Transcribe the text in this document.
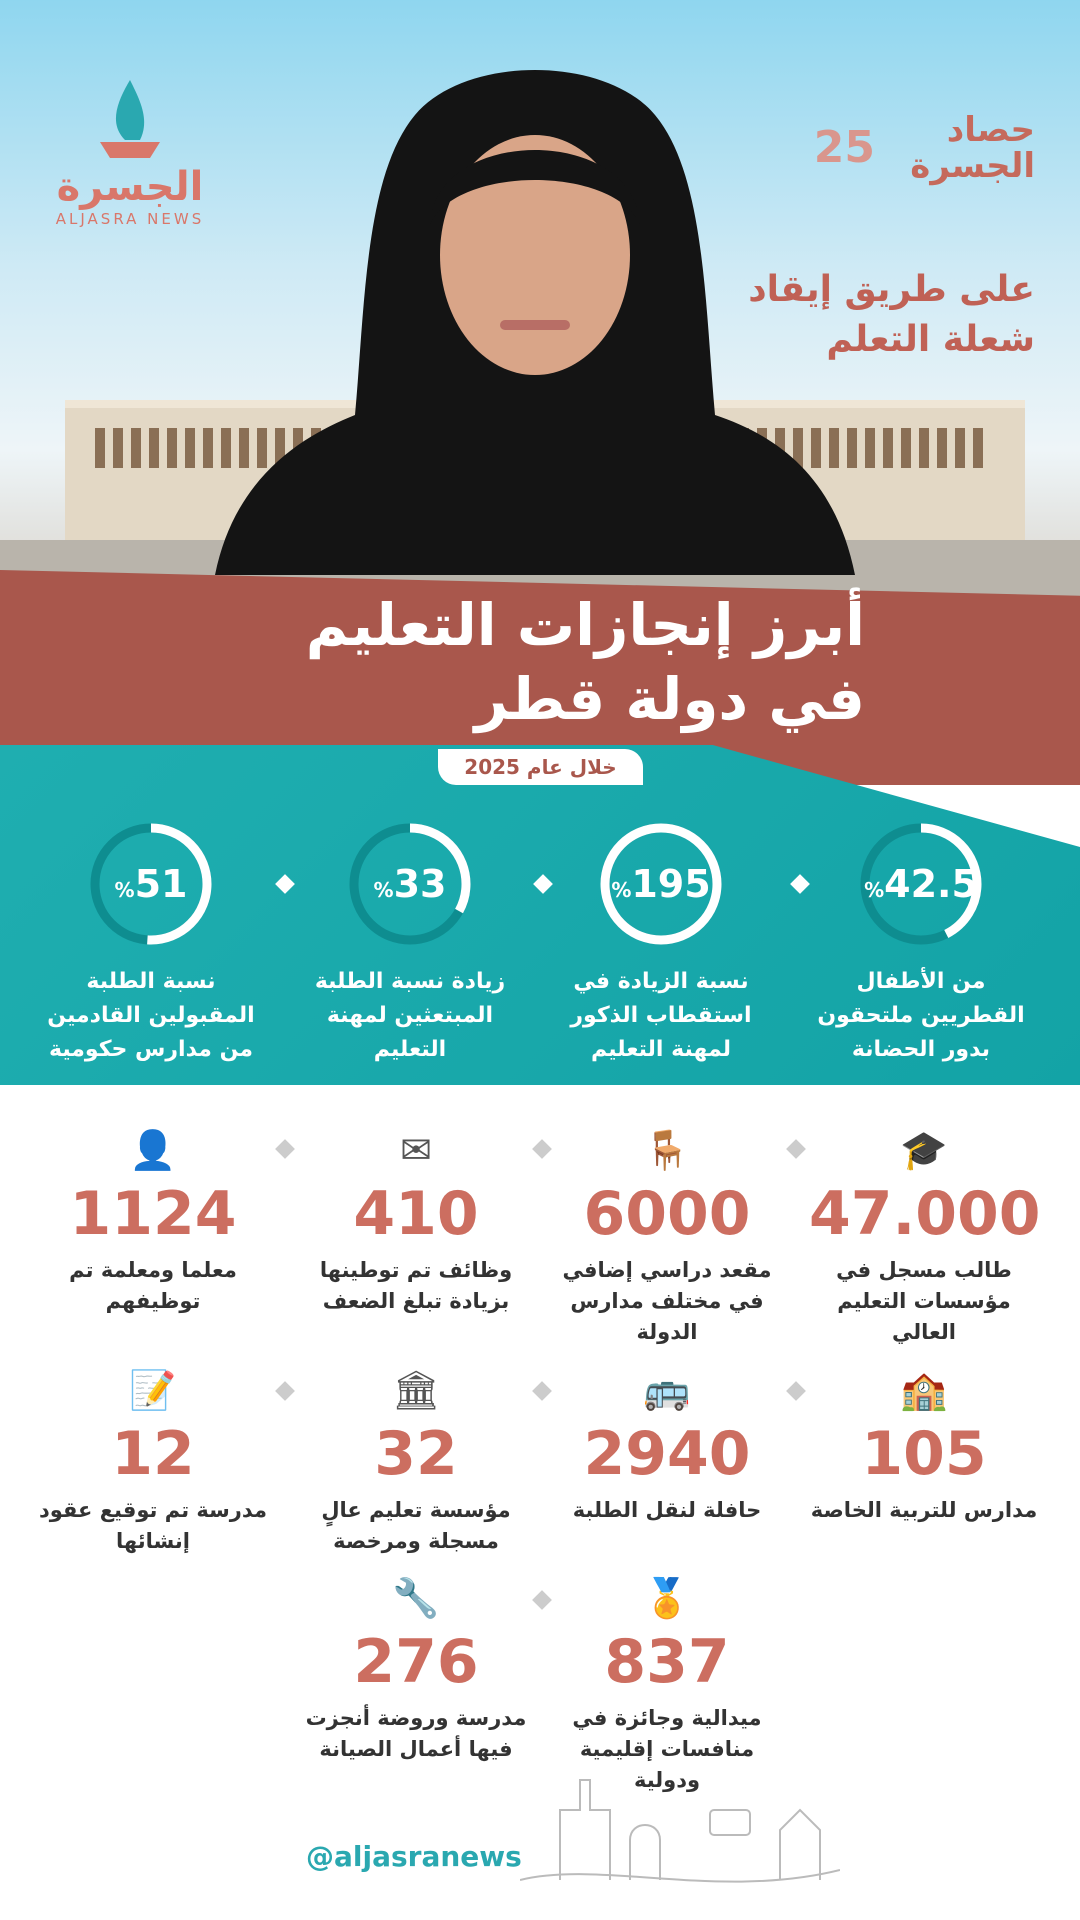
الجسرة
ALJASRA NEWS
25	حصاد الجسرة
على طريق إيقاد
شعلة التعلم
أبرز إنجازات التعليم
في دولة قطر
خلال عام 2025
%42.5
%195
%33
%51
من الأطفال القطريين ملتحقون بدور الحضانة
نسبة الزيادة في استقطاب الذكور لمهنة التعليم
زيادة نسبة الطلبة المبتعثين لمهنة التعليم
نسبة الطلبة المقبولين القادمين من مدارس حكومية
🎓
47.000
طالب مسجل في مؤسسات التعليم العالي
🪑
6000
مقعد دراسي إضافي في مختلف مدارس الدولة
✉
410
وظائف تم توطينها بزيادة تبلغ الضعف
👤
1124
معلما ومعلمة تم توظيفهم
🏫
105
مدارس للتربية الخاصة
🚌
2940
حافلة لنقل الطلبة
🏛
32
مؤسسة تعليم عالٍ مسجلة ومرخصة
📝
12
مدرسة تم توقيع عقود إنشائها
🏅
837
ميدالية وجائزة في منافسات إقليمية ودولية
🔧
276
مدرسة وروضة أنجزت فيها أعمال الصيانة
@aljasranews
